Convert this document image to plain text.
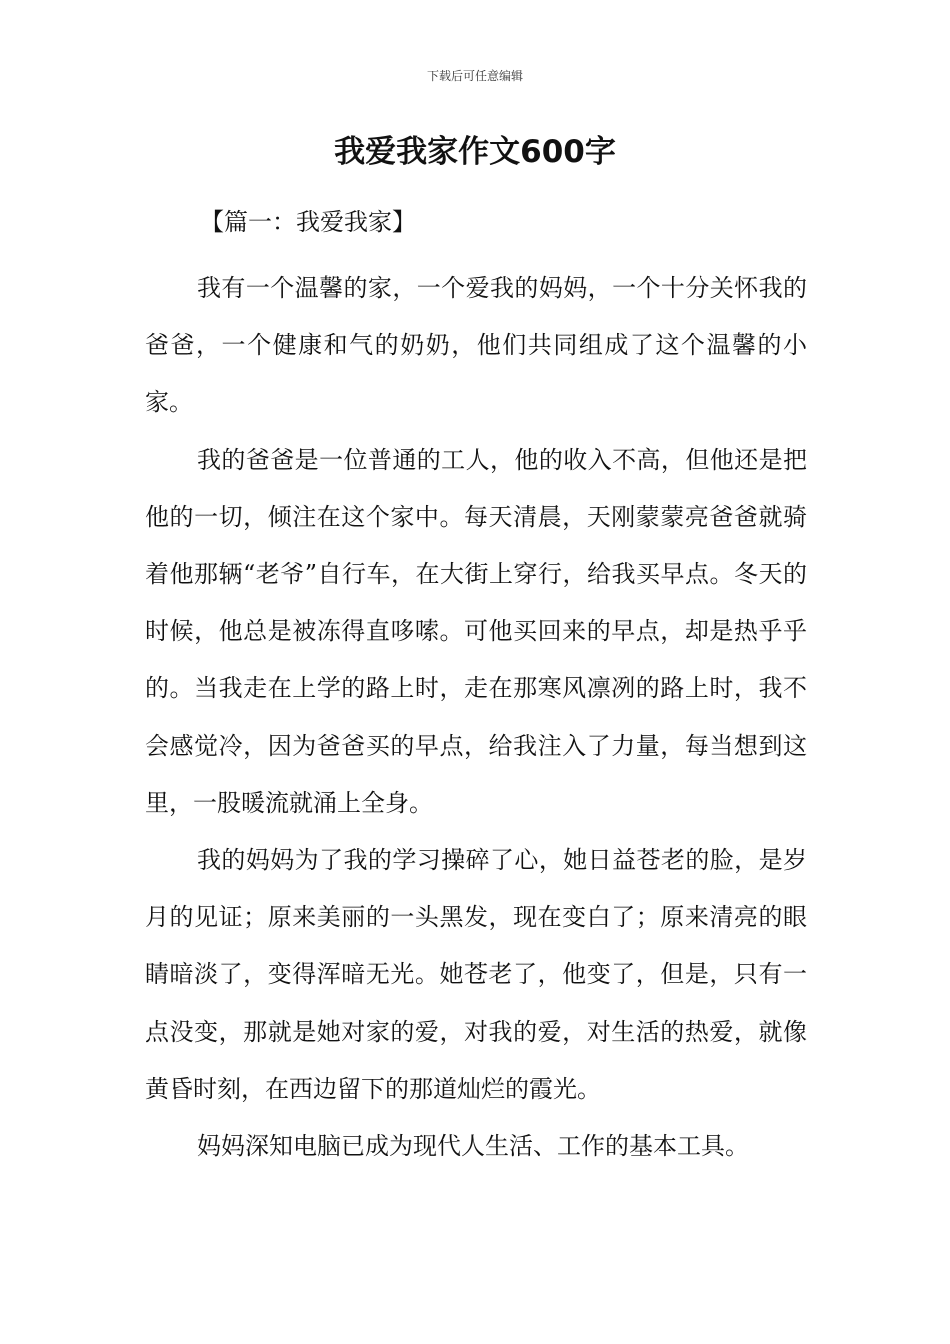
下载后可任意编辑
我爱我家作文600字
【篇一：我爱我家】

我有一个温馨的家，一个爱我的妈妈，一个十分关怀我的爸爸，一个健康和气的奶奶，他们共同组成了这个温馨的小家。

我的爸爸是一位普通的工人，他的收入不高，但他还是把他的一切，倾注在这个家中。每天清晨，天刚蒙蒙亮爸爸就骑着他那辆“老爷”自行车，在大街上穿行，给我买早点。冬天的时候，他总是被冻得直哆嗦。可他买回来的早点，却是热乎乎的。当我走在上学的路上时，走在那寒风凛冽的路上时，我不会感觉冷，因为爸爸买的早点，给我注入了力量，每当想到这里，一股暖流就涌上全身。

我的妈妈为了我的学习操碎了心，她日益苍老的脸，是岁月的见证；原来美丽的一头黑发，现在变白了；原来清亮的眼睛暗淡了，变得浑暗无光。她苍老了，他变了，但是，只有一点没变，那就是她对家的爱，对我的爱，对生活的热爱，就像黄昏时刻，在西边留下的那道灿烂的霞光。

妈妈深知电脑已成为现代人生活、工作的基本工具。
